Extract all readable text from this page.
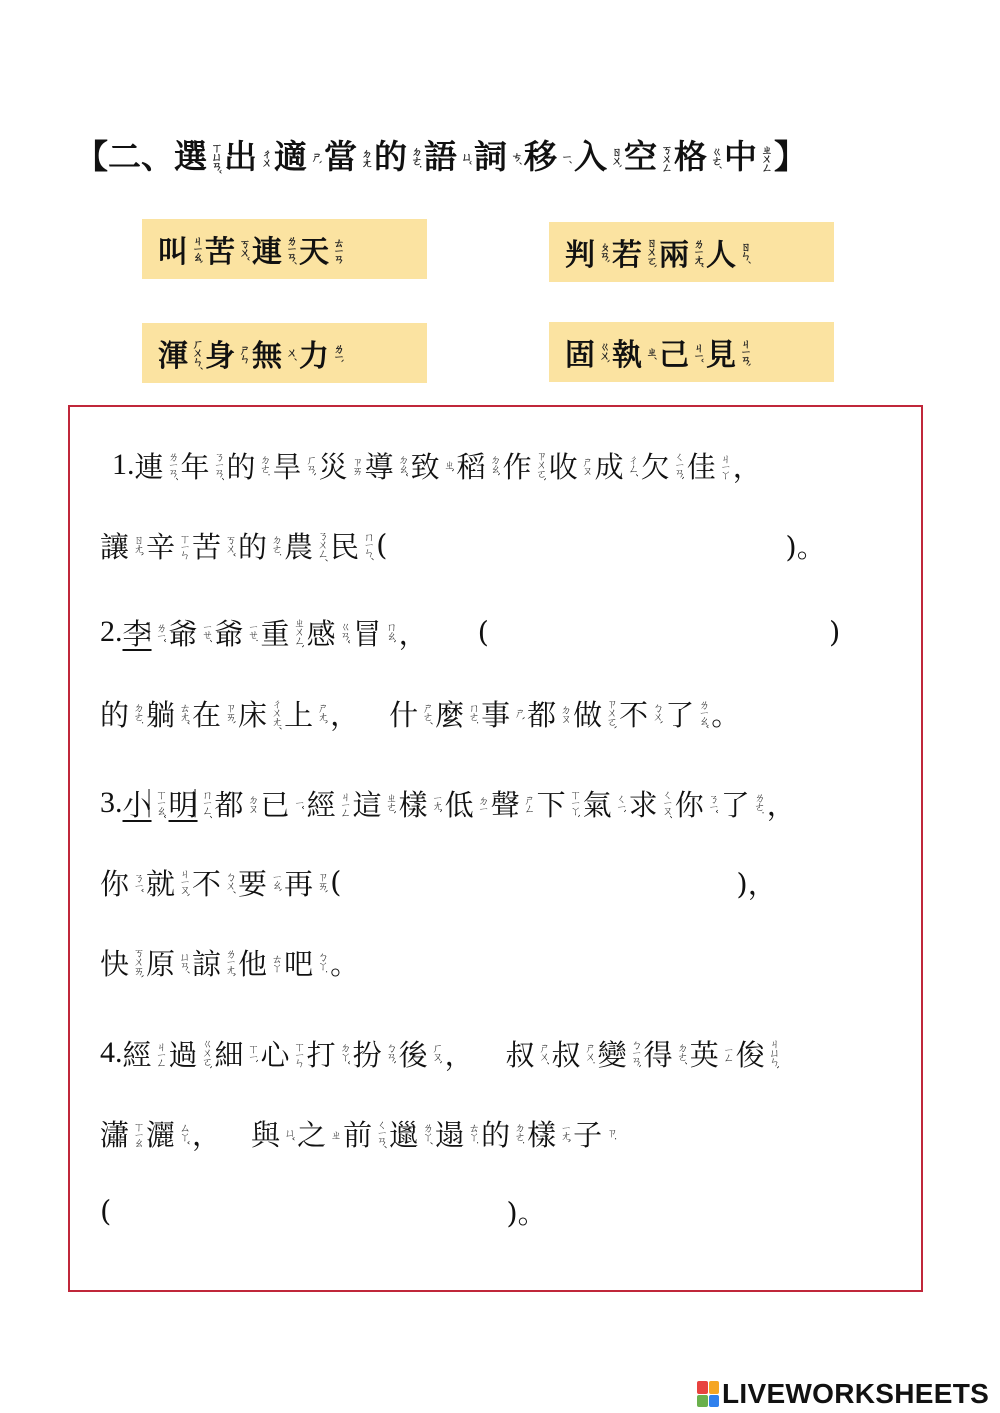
【二、 選 ㄒㄩㄢˇ 出 ㄔㄨ 適 ㄕˋ 當 ㄉㄤ 的 ㄉㄜ˙ 語 ㄩˇ 詞 ㄘˊ 移 ㄧˊ 入 ㄖㄨˋ 空 ㄎㄨㄥ 格 ㄍㄜˊ 中 ㄓㄨㄥ 】
叫 ㄐㄧㄠˋ 苦 ㄎㄨˇ 連 ㄌㄧㄢˊ 天 ㄊㄧㄢ	判 ㄆㄢˋ 若 ㄖㄨㄛˋ 兩 ㄌㄧㄤˇ 人 ㄖㄣˊ
渾 ㄏㄨㄣˊ 身 ㄕㄣ 無 ㄨˊ 力 ㄌㄧˋ	固 ㄍㄨˋ 執 ㄓˊ 己 ㄐㄧˇ 見 ㄐㄧㄢˋ
1. 連 ㄌㄧㄢˊ 年 ㄋㄧㄢˊ 的 ㄉㄜ˙ 旱 ㄏㄢˋ 災 ㄗㄞ 導 ㄉㄠˇ 致 ㄓˋ 稻 ㄉㄠˋ 作 ㄗㄨㄛˋ 收 ㄕㄡ 成 ㄔㄥˊ 欠 ㄑㄧㄢˋ 佳 ㄐㄧㄚ ，
讓 ㄖㄤˋ 辛 ㄒㄧㄣ 苦 ㄎㄨˇ 的 ㄉㄜ˙ 農 ㄋㄨㄥˊ 民 ㄇㄧㄣˊ (	)。
2. 李 ㄌㄧˇ 爺 ㄧㄝˊ 爺 ㄧㄝ˙ 重 ㄓㄨㄥˋ 感 ㄍㄢˇ 冒 ㄇㄠˋ ， (	)
的 ㄉㄜ˙ 躺 ㄊㄤˇ 在 ㄗㄞˋ 床 ㄔㄨㄤˊ 上 ㄕㄤˋ ， 什 ㄕㄜˊ 麼 ㄇㄜ˙ 事 ㄕˋ 都 ㄉㄡ 做 ㄗㄨㄛˋ 不 ㄅㄨˋ 了 ㄌㄧㄠˇ 。
3. 小 ㄒㄧㄠˇ 明 ㄇㄧㄥˊ 都 ㄉㄡ 已 ㄧˇ 經 ㄐㄧㄥ 這 ㄓㄜˋ 樣 ㄧㄤˋ 低 ㄉㄧ 聲 ㄕㄥ 下 ㄒㄧㄚˋ 氣 ㄑㄧˋ 求 ㄑㄧㄡˊ 你 ㄋㄧˇ 了 ㄌㄜ˙ ，
你 ㄋㄧˇ 就 ㄐㄧㄡˋ 不 ㄅㄨˊ 要 ㄧㄠˋ 再 ㄗㄞˋ (	)，
快 ㄎㄨㄞˋ 原 ㄩㄢˊ 諒 ㄌㄧㄤˋ 他 ㄊㄚ 吧 ㄅㄚ˙ 。
4. 經 ㄐㄧㄥ 過 ㄍㄨㄛˋ 細 ㄒㄧˋ 心 ㄒㄧㄣ 打 ㄉㄚˇ 扮 ㄅㄢˋ 後 ㄏㄡˋ ， 叔 ㄕㄨˊ 叔 ㄕㄨ˙ 變 ㄅㄧㄢˋ 得 ㄉㄜˊ 英 ㄧㄥ 俊 ㄐㄩㄣˋ
瀟 ㄒㄧㄠ 灑 ㄙㄚˇ ， 與 ㄩˇ 之 ㄓ 前 ㄑㄧㄢˊ 邋 ㄌㄚˊ 遢 ㄊㄚ˙ 的 ㄉㄜ˙ 樣 ㄧㄤˋ 子 ㄗ˙
(	)。
LIVEWORKSHEETS
